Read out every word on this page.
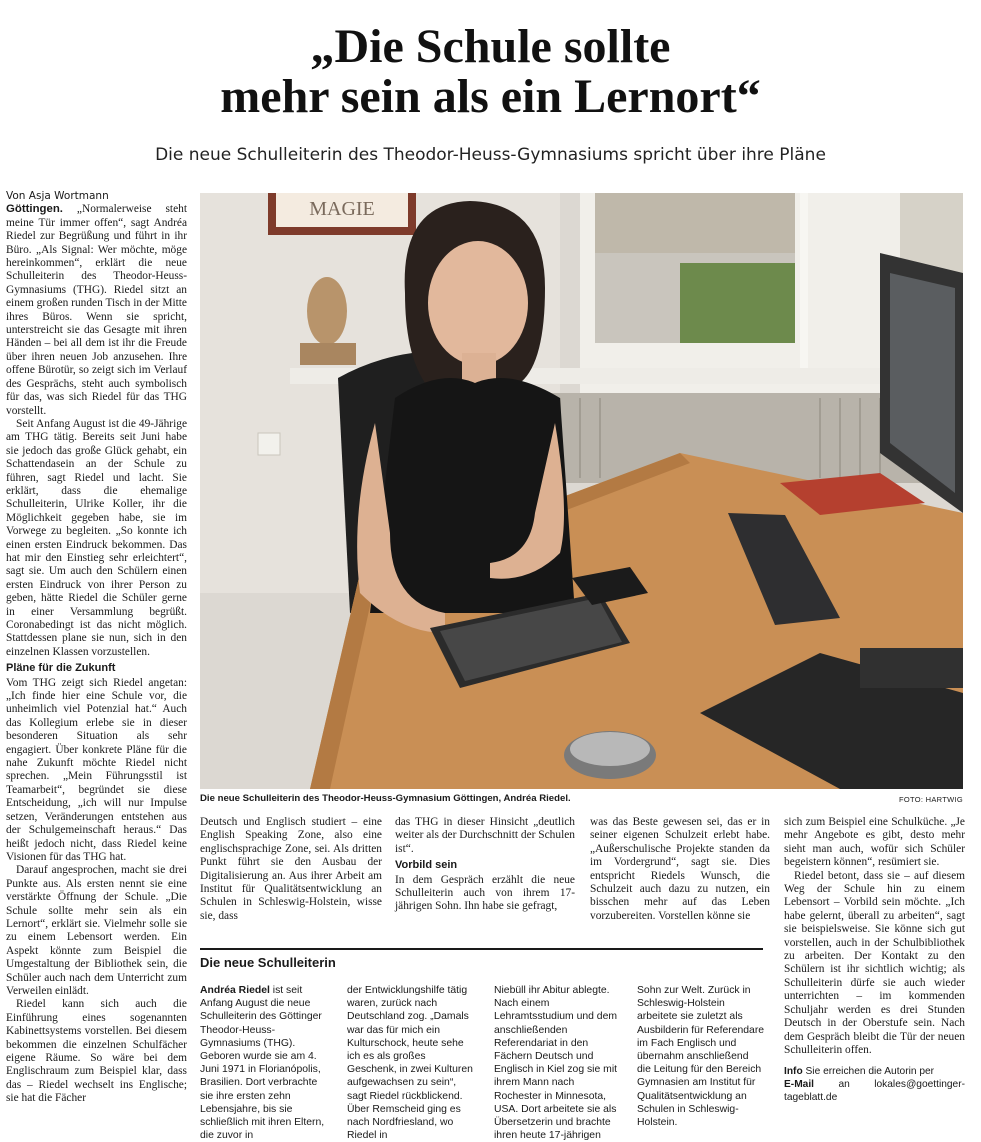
„Die Schule sollte
mehr sein als ein Lernort“
Die neue Schulleiterin des Theodor-Heuss-Gymnasiums spricht über ihre Pläne

Von Asja Wortmann

Göttingen. „Normalerweise steht meine Tür immer offen“, sagt Andréa Riedel zur Begrüßung und führt in ihr Büro. „Als Signal: Wer möchte, möge hereinkommen“, erklärt die neue Schulleiterin des Theodor-Heuss-Gymnasiums (THG). Riedel sitzt an einem großen runden Tisch in der Mitte ihres Büros. Wenn sie spricht, unterstreicht sie das Gesagte mit ihren Händen – bei all dem ist ihr die Freude über ihren neuen Job anzusehen. Ihre offene Bürotür, so zeigt sich im Verlauf des Gesprächs, steht auch symbolisch für das, was sich Riedel für das THG vorstellt.

Seit Anfang August ist die 49-Jährige am THG tätig. Bereits seit Juni habe sie jedoch das große Glück gehabt, ein Schattendasein an der Schule zu führen, sagt Riedel und lacht. Sie erklärt, dass die ehemalige Schulleiterin, Ulrike Koller, ihr die Möglichkeit gegeben habe, sie im Vorwege zu begleiten. „So konnte ich einen ersten Eindruck bekommen. Das hat mir den Einstieg sehr erleichtert“, sagt sie. Um auch den Schülern einen ersten Eindruck von ihrer Person zu geben, hätte Riedel die Schüler gerne in einer Versammlung begrüßt. Coronabedingt ist das nicht möglich. Stattdessen plane sie nun, sich in den einzelnen Klassen vorzustellen.

Pläne für die Zukunft

Vom THG zeigt sich Riedel angetan: „Ich finde hier eine Schule vor, die unheimlich viel Potenzial hat.“ Auch das Kollegium erlebe sie in dieser besonderen Situation als sehr engagiert. Über konkrete Pläne für die nahe Zukunft möchte Riedel nicht sprechen. „Mein Führungsstil ist Teamarbeit“, begründet sie diese Entscheidung, „ich will nur Impulse setzen, Veränderungen entstehen aus der Schulgemeinschaft heraus.“ Das heißt jedoch nicht, dass Riedel keine Visionen für das THG hat.

Darauf angesprochen, macht sie drei Punkte aus. Als ersten nennt sie eine verstärkte Öffnung der Schule. „Die Schule sollte mehr sein als ein Lernort“, erklärt sie. Vielmehr solle sie zu einem Lebensort werden. Ein Aspekt könnte zum Beispiel die Umgestaltung der Bibliothek sein, die Schüler auch nach dem Unterricht zum Verweilen einlädt.

Riedel kann sich auch die Einführung eines sogenannten Kabinettsystems vorstellen. Bei diesem bekommen die einzelnen Schulfächer eigene Räume. So wäre bei dem Englischraum zum Beispiel klar, dass das – Riedel wechselt ins Englische; sie hat die Fächer

MAGIE
Die neue Schulleiterin des Theodor-Heuss-Gymnasium Göttingen, Andréa Riedel.	FOTO: HARTWIG

Deutsch und Englisch studiert – eine English Speaking Zone, also eine englischsprachige Zone, sei. Als dritten Punkt führt sie den Ausbau der Digitalisierung an. Aus ihrer Arbeit am Institut für Qualitätsentwicklung an Schulen in Schleswig-Holstein, wisse sie, dass

das THG in dieser Hinsicht „deutlich weiter als der Durchschnitt der Schulen ist“.

Vorbild sein

In dem Gespräch erzählt die neue Schulleiterin auch von ihrem 17-jährigen Sohn. Ihn habe sie gefragt,

was das Beste gewesen sei, das er in seiner eigenen Schulzeit erlebt habe. „Außerschulische Projekte standen da im Vordergrund“, sagt sie. Dies entspricht Riedels Wunsch, die Schulzeit auch dazu zu nutzen, ein bisschen mehr auf das Leben vorzubereiten. Vorstellen könne sie

sich zum Beispiel eine Schulküche. „Je mehr Angebote es gibt, desto mehr sieht man auch, wofür sich Schüler begeistern können“, resümiert sie.

Riedel betont, dass sie – auf diesem Weg der Schule hin zu einem Lebensort – Vorbild sein möchte. „Ich habe gelernt, überall zu arbeiten“, sagt sie beispielsweise. Sie könne sich gut vorstellen, auch in der Schulbibliothek zu arbeiten. Der Kontakt zu den Schülern ist ihr sichtlich wichtig; als Schulleiterin dürfe sie auch wieder unterrichten – im kommenden Schuljahr werden es drei Stunden Deutsch in der Oberstufe sein. Nach dem Gespräch bleibt die Tür der neuen Schulleiterin offen.

Info Sie erreichen die Autorin per
E-Mail an lokales@goettinger-tageblatt.de

Die neue Schulleiterin
Andréa Riedel ist seit Anfang August die neue Schulleiterin des Göttinger Theodor-Heuss-Gymnasiums (THG). Geboren wurde sie am 4. Juni 1971 in Florianópolis, Brasilien. Dort verbrachte sie ihre ersten zehn Lebensjahre, bis sie schließlich mit ihren Eltern, die zuvor in
der Entwicklungshilfe tätig waren, zurück nach Deutschland zog. „Damals war das für mich ein Kulturschock, heute sehe ich es als großes Geschenk, in zwei Kulturen aufgewachsen zu sein“, sagt Riedel rückblickend. Über Remscheid ging es nach Nordfriesland, wo Riedel in
Niebüll ihr Abitur ablegte. Nach einem Lehramtsstudium und dem anschließenden Referendariat in den Fächern Deutsch und Englisch in Kiel zog sie mit ihrem Mann nach Rochester in Minnesota, USA. Dort arbeitete sie als Übersetzerin und brachte ihren heute 17-jährigen
Sohn zur Welt. Zurück in Schleswig-Holstein arbeitete sie zuletzt als Ausbilderin für Referendare im Fach Englisch und übernahm anschließend die Leitung für den Bereich Gymnasien am Institut für Qualitätsentwicklung an Schulen in Schleswig-Holstein.
